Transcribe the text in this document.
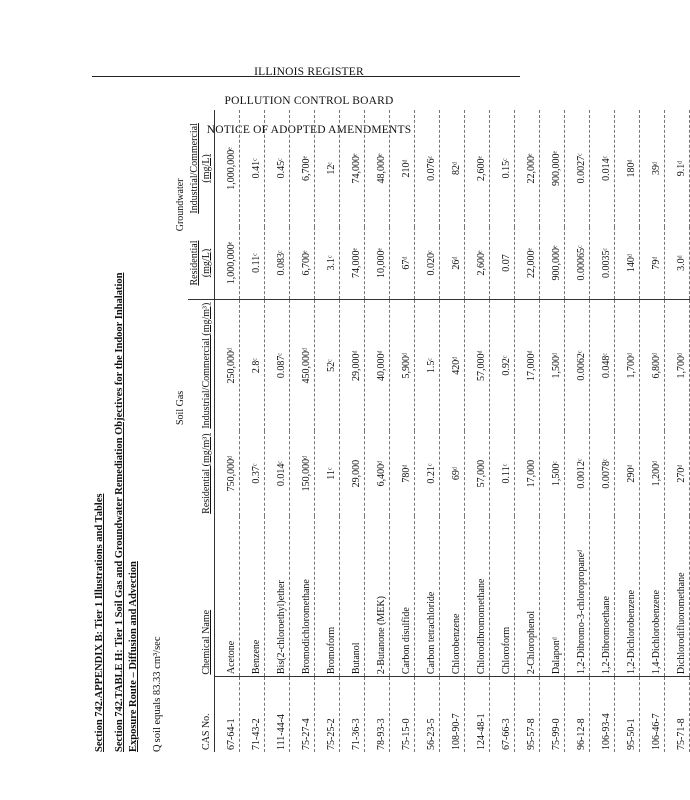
ILLINOIS REGISTER
POLLUTION CONTROL BOARD
NOTICE OF ADOPTED AMENDMENTS
Section 742.APPENDIX B: Tier 1 Illustrations and Tables Section 742.TABLE H: Tier 1 Soil Gas and Groundwater Remediation Objectives for the Indoor Inhalation Exposure Route – Diffusion and Advection Q soil equals 83.33 cm³/sec
		Soil Gas		Groundwater	
CAS No.	Chemical Name	Residential (mg/m³)	Industrial/Commercial (mg/m³)	Residential (mg/L)	Industrial/Commercial (mg/L)
67-64-1	Acetone	750,000ᵈ	250,000ᵈ	1,000,000ᵉ	1,000,000ᵉ
71-43-2	Benzene	0.37ᶜ	2.8ᶜ	0.11ᶜ	0.41ᶜ
111-44-4	Bis(2-chloroethyl)ether	0.014ᶜ	0.087ᶜ	0.083ᶜ	0.45ᶜ
75-27-4	Bromodichloromethane	150,000ᵈ	450,000ᵈ	6,700ᵉ	6,700ᵉ
75-25-2	Bromoform	11ᶜ	52ᶜ	3.1ᶜ	12ᶜ
71-36-3	Butanol	29,000	29,000ᵈ	74,000ᵉ	74,000ᵉ
78-93-3	2-Butanone (MEK)	6,400ᵈ	40,000ᵈ	10,000ᵉ	48,000ᵉ
75-15-0	Carbon disulfide	780ᵈ	5,900ᵈ	67ᵈ	210ᵈ
56-23-5	Carbon tetrachloride	0.21ᶜ	1.5ᶜ	0.020ᶜ	0.076ᶜ
108-90-7	Chlorobenzene	69ᵈ	420ᵈ	26ᵈ	82ᵈ
124-48-1	Chlorodibromomethane	57,000	57,000ᵈ	2,600ᵉ	2,600ᵉ
67-66-3	Chloroform	0.11ᶜ	0.92ᶜ	0.07	0.15ᶜ
95-57-8	2-Chlorophenol	17,000	17,000ᵈ	22,000ᵉ	22,000ᵉ
75-99-0	Dalaponᵈ	1,500ᶜ	1,500ᵈ	900,000ᵉ	900,000ᵉ
96-12-8	1,2-Dibromo-3-chloropropaneᵈ	0.0012ᶜ	0.0062ᶜ	0.00065ᶜ	0.0027ᶜ
106-93-4	1,2-Dibromoethane	0.0078ᶜ	0.048ᶜ	0.0035ᶜ	0.014ᶜ
95-50-1	1,2-Dichlorobenzene	290ᵈ	1,700ᵈ	140ᵈ	180ᵈ
106-46-7	1,4-Dichlorobenzene	1,200ᵈ	6,800ᵈ	79ᵈ	39ᵈ
75-71-8	Dichlorodifluoromethane	270ᵈ	1,700ᵈ	3.0ᵈ	9.1ᵈ
